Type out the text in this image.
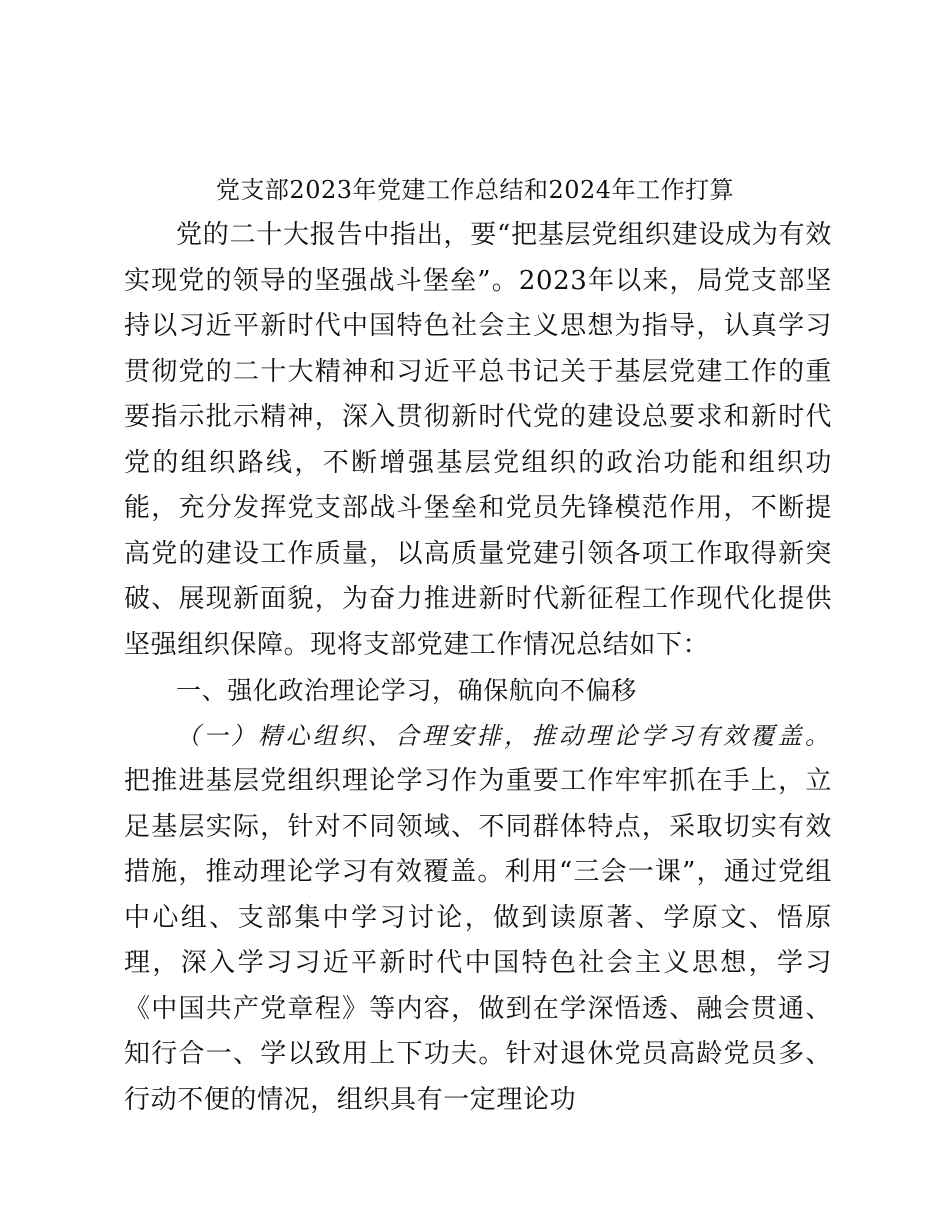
党支部2023年党建工作总结和2024年工作打算

党的二十大报告中指出，要“把基层党组织建设成为有效实现党的领导的坚强战斗堡垒”。2023年以来，局党支部坚持以习近平新时代中国特色社会主义思想为指导，认真学习贯彻党的二十大精神和习近平总书记关于基层党建工作的重要指示批示精神，深入贯彻新时代党的建设总要求和新时代党的组织路线，不断增强基层党组织的政治功能和组织功能，充分发挥党支部战斗堡垒和党员先锋模范作用，不断提高党的建设工作质量，以高质量党建引领各项工作取得新突破、展现新面貌，为奋力推进新时代新征程工作现代化提供坚强组织保障。现将支部党建工作情况总结如下：

一、强化政治理论学习，确保航向不偏移

（一）精心组织、合理安排，推动理论学习有效覆盖。把推进基层党组织理论学习作为重要工作牢牢抓在手上，立足基层实际，针对不同领域、不同群体特点，采取切实有效措施，推动理论学习有效覆盖。利用“三会一课”，通过党组中心组、支部集中学习讨论，做到读原著、学原文、悟原理，深入学习习近平新时代中国特色社会主义思想，学习《中国共产党章程》等内容，做到在学深悟透、融会贯通、知行合一、学以致用上下功夫。针对退休党员高龄党员多、行动不便的情况，组织具有一定理论功
